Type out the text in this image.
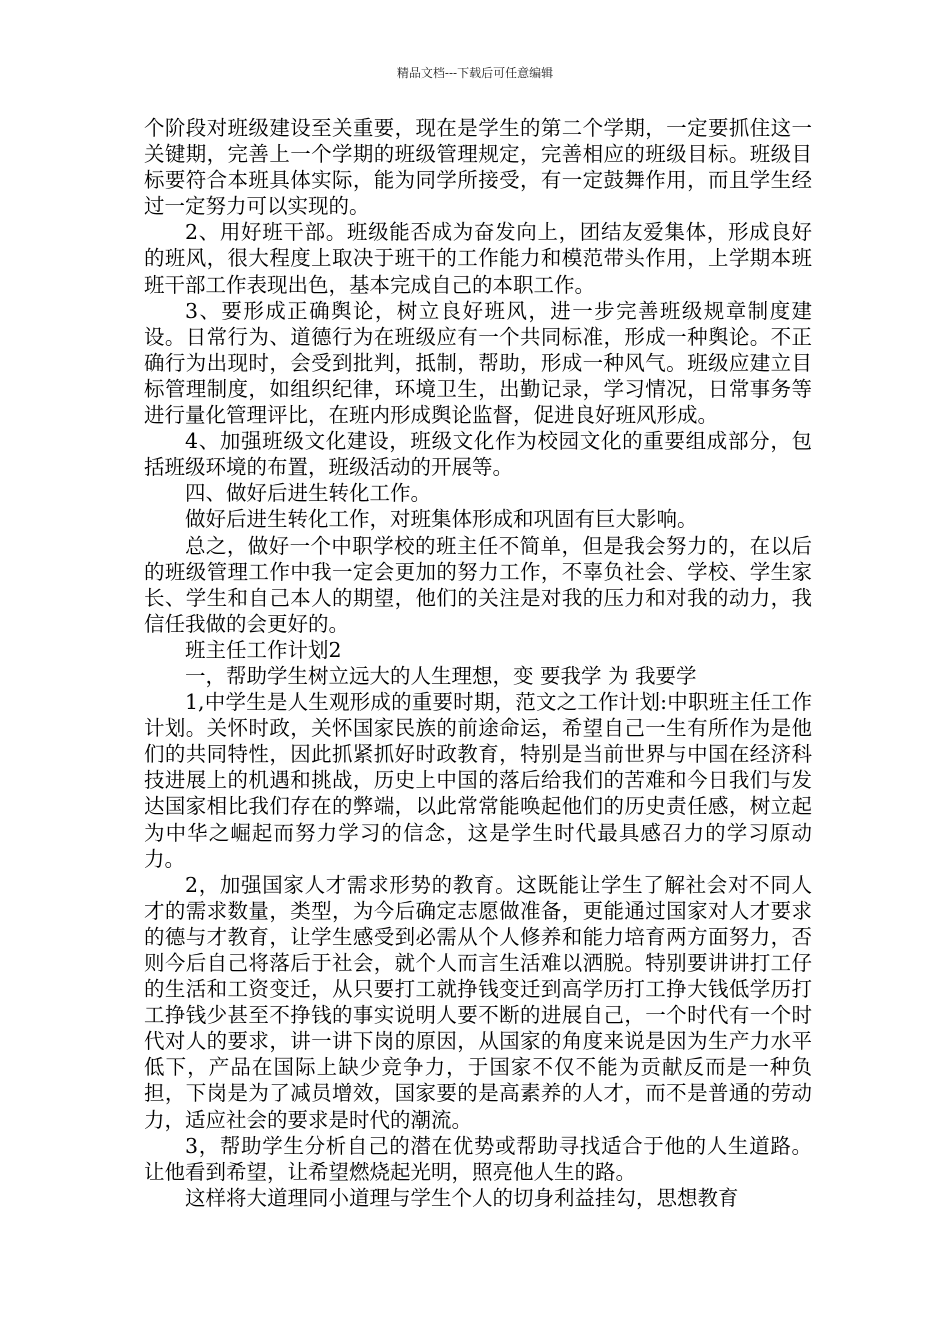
精品文档---下载后可任意编辑

个阶段对班级建设至关重要，现在是学生的第二个学期，一定要抓住这一关键期，完善上一个学期的班级管理规定，完善相应的班级目标。班级目标要符合本班具体实际，能为同学所接受，有一定鼓舞作用，而且学生经过一定努力可以实现的。

2、用好班干部。班级能否成为奋发向上，团结友爱集体，形成良好的班风，很大程度上取决于班干的工作能力和模范带头作用，上学期本班班干部工作表现出色，基本完成自己的本职工作。

3、要形成正确舆论，树立良好班风，进一步完善班级规章制度建设。日常行为、道德行为在班级应有一个共同标准，形成一种舆论。不正确行为出现时，会受到批判，抵制，帮助，形成一种风气。班级应建立目标管理制度，如组织纪律，环境卫生，出勤记录，学习情况，日常事务等进行量化管理评比，在班内形成舆论监督，促进良好班风形成。

4、加强班级文化建设，班级文化作为校园文化的重要组成部分，包括班级环境的布置，班级活动的开展等。

四、做好后进生转化工作。

做好后进生转化工作，对班集体形成和巩固有巨大影响。

总之，做好一个中职学校的班主任不简单，但是我会努力的，在以后的班级管理工作中我一定会更加的努力工作，不辜负社会、学校、学生家长、学生和自己本人的期望，他们的关注是对我的压力和对我的动力，我信任我做的会更好的。

班主任工作计划2

一，帮助学生树立远大的人生理想，变 要我学 为 我要学

1,中学生是人生观形成的重要时期，范文之工作计划:中职班主任工作计划。关怀时政，关怀国家民族的前途命运，希望自己一生有所作为是他们的共同特性，因此抓紧抓好时政教育，特别是当前世界与中国在经济科技进展上的机遇和挑战，历史上中国的落后给我们的苦难和今日我们与发达国家相比我们存在的弊端，以此常常能唤起他们的历史责任感，树立起为中华之崛起而努力学习的信念，这是学生时代最具感召力的学习原动力。

2，加强国家人才需求形势的教育。这既能让学生了解社会对不同人才的需求数量，类型，为今后确定志愿做准备，更能通过国家对人才要求的德与才教育，让学生感受到必需从个人修养和能力培育两方面努力，否则今后自己将落后于社会，就个人而言生活难以洒脱。特别要讲讲打工仔的生活和工资变迁，从只要打工就挣钱变迁到高学历打工挣大钱低学历打工挣钱少甚至不挣钱的事实说明人要不断的进展自己，一个时代有一个时代对人的要求，讲一讲下岗的原因，从国家的角度来说是因为生产力水平低下，产品在国际上缺少竞争力，于国家不仅不能为贡献反而是一种负担，下岗是为了减员增效，国家要的是高素养的人才，而不是普通的劳动力，适应社会的要求是时代的潮流。

3，帮助学生分析自己的潜在优势或帮助寻找适合于他的人生道路。让他看到希望，让希望燃烧起光明，照亮他人生的路。

这样将大道理同小道理与学生个人的切身利益挂勾，思想教育
